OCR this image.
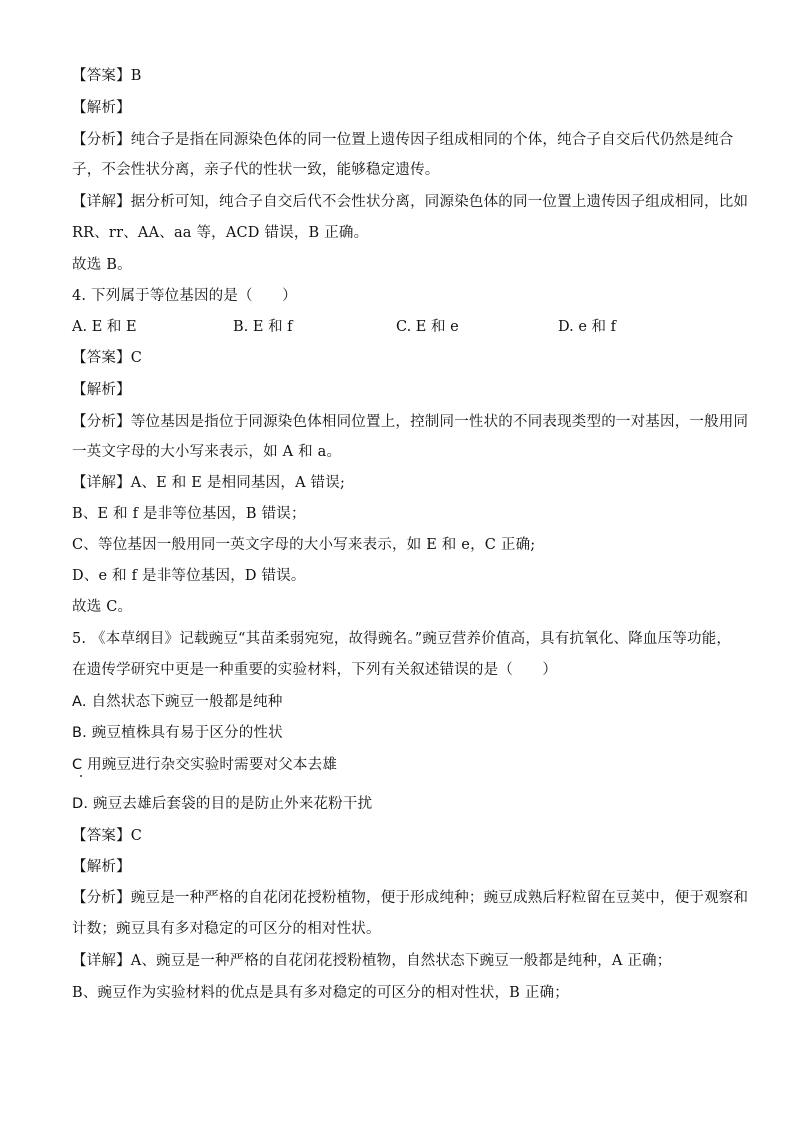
【答案】B
【解析】
【分析】纯合子是指在同源染色体的同一位置上遗传因子组成相同的个体，纯合子自交后代仍然是纯合
子，不会性状分离，亲子代的性状一致，能够稳定遗传。
【详解】据分析可知，纯合子自交后代不会性状分离，同源染色体的同一位置上遗传因子组成相同，比如
RR、rr、AA、aa 等，ACD 错误，B 正确。
故选 B。
4. 下列属于等位基因的是（　　）
A. E 和 E	B. E 和 f	C. E 和 e	D. e 和 f
【答案】C
【解析】
【分析】等位基因是指位于同源染色体相同位置上，控制同一性状的不同表现类型的一对基因，一般用同
一英文字母的大小写来表示，如 A 和 a。
【详解】A、E 和 E 是相同基因，A 错误;
B、E 和 f 是非等位基因，B 错误；
C、等位基因一般用同一英文字母的大小写来表示，如 E 和 e，C 正确;
D、e 和 f 是非等位基因，D 错误。
故选 C。
5. 《本草纲目》记载豌豆“其苗柔弱宛宛，故得豌名。”豌豆营养价值高，具有抗氧化、降血压等功能，
在遗传学研究中更是一种重要的实验材料，下列有关叙述错误的是（　　）
A. 自然状态下豌豆一般都是纯种
B. 豌豆植株具有易于区分的性状
C 用豌豆进行杂交实验时需要对父本去雄
D. 豌豆去雄后套袋的目的是防止外来花粉干扰
【答案】C
【解析】
【分析】豌豆是一种严格的自花闭花授粉植物，便于形成纯种；豌豆成熟后籽粒留在豆荚中，便于观察和
计数；豌豆具有多对稳定的可区分的相对性状。
【详解】A、豌豆是一种严格的自花闭花授粉植物，自然状态下豌豆一般都是纯种，A 正确；
B、豌豆作为实验材料的优点是具有多对稳定的可区分的相对性状，B 正确；
